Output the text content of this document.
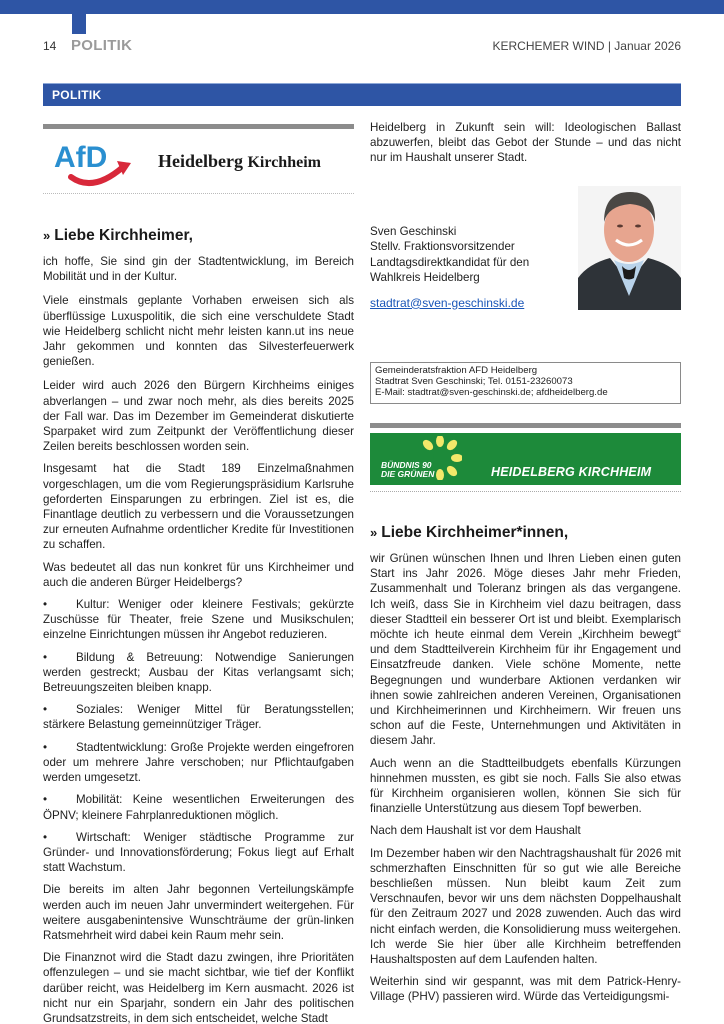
14 POLITIK	KERCHEMER WIND | Januar 2026
POLITIK
AfD	Heidelberg Kirchheim
» Liebe Kirchheimer,

ich hoffe, Sie sind gin der Stadtentwicklung, im Bereich Mobilität und in der Kultur.

Viele einstmals geplante Vorhaben erweisen sich als überflüssige Luxuspolitik, die sich eine verschuldete Stadt wie Heidelberg schlicht nicht mehr leisten kann.ut ins neue Jahr gekommen und konnten das Silvesterfeuerwerk genießen.

Leider wird auch 2026 den Bürgern Kirchheims einiges abverlangen – und zwar noch mehr, als dies bereits 2025 der Fall war. Das im Dezember im Gemeinderat diskutierte Sparpaket wird zum Zeitpunkt der Veröffentlichung dieser Zeilen bereits beschlossen worden sein.

Insgesamt hat die Stadt 189 Einzelmaßnahmen vorgeschlagen, um die vom Regierungspräsidium Karlsruhe geforderten Einsparungen zu erbringen. Ziel ist es, die Finantlage deutlich zu verbessern und die Voraussetzungen zur erneuten Aufnahme ordentlicher Kredite für Investitionen zu schaffen.

Was bedeutet all das nun konkret für uns Kirchheimer und auch die anderen Bürger Heidelbergs?

• Kultur: Weniger oder kleinere Festivals; gekürzte Zuschüsse für Theater, freie Szene und Musikschulen; einzelne Einrichtungen müssen ihr Angebot reduzieren.

• Bildung & Betreuung: Notwendige Sanierungen werden gestreckt; Ausbau der Kitas verlangsamt sich; Betreuungszeiten bleiben knapp.

• Soziales: Weniger Mittel für Beratungsstellen; stärkere Belastung gemeinnütziger Träger.

• Stadtentwicklung: Große Projekte werden eingefroren oder um mehrere Jahre verschoben; nur Pflichtaufgaben werden umgesetzt.

• Mobilität: Keine wesentlichen Erweiterungen des ÖPNV; kleinere Fahrplanreduktionen möglich.

• Wirtschaft: Weniger städtische Programme zur Gründer- und Innovationsförderung; Fokus liegt auf Erhalt statt Wachstum.

Die bereits im alten Jahr begonnen Verteilungskämpfe werden auch im neuen Jahr unvermindert weitergehen. Für weitere ausgabenintensive Wunschträume der grün-linken Ratsmehrheit wird dabei kein Raum mehr sein.

Die Finanznot wird die Stadt dazu zwingen, ihre Prioritäten offenzulegen – und sie macht sichtbar, wie tief der Konflikt darüber reicht, was Heidelberg im Kern ausmacht. 2026 ist nicht nur ein Sparjahr, sondern ein Jahr des politischen Grundsatzstreits, in dem sich entscheidet, welche Stadt

Heidelberg in Zukunft sein will: Ideologischen Ballast abzuwerfen, bleibt das Gebot der Stunde – und das nicht nur im Haushalt unserer Stadt.

Sven Geschinski
Stellv. Fraktionsvorsitzender
Landtagsdirektkandidat für den
Wahlkreis Heidelberg
stadtrat@sven-geschinski.de
Gemeinderatsfraktion AFD Heidelberg
Stadtrat Sven Geschinski; Tel. 0151-23260073
E-Mail: stadtrat@sven-geschinski.de; afdheidelberg.de
BÜNDNIS 90
DIE GRÜNEN	HEIDELBERG KIRCHHEIM
» Liebe Kirchheimer*innen,

wir Grünen wünschen Ihnen und Ihren Lieben einen guten Start ins Jahr 2026. Möge dieses Jahr mehr Frieden, Zusammenhalt und Toleranz bringen als das vergangene. Ich weiß, dass Sie in Kirchheim viel dazu beitragen, dass dieser Stadtteil ein besserer Ort ist und bleibt. Exemplarisch möchte ich heute einmal dem Verein „Kirchheim bewegt“ und dem Stadtteilverein Kirchheim für ihr Engagement und Einsatzfreude danken. Viele schöne Momente, nette Begegnungen und wunderbare Aktionen verdanken wir ihnen sowie zahlreichen anderen Vereinen, Organisationen und Kirchheimerinnen und Kirchheimern. Wir freuen uns schon auf die Feste, Unternehmungen und Aktivitäten in diesem Jahr.

Auch wenn an die Stadtteilbudgets ebenfalls Kürzungen hinnehmen mussten, es gibt sie noch. Falls Sie also etwas für Kirchheim organisieren wollen, können Sie sich für finanzielle Unterstützung aus diesem Topf bewerben.

Nach dem Haushalt ist vor dem Haushalt

Im Dezember haben wir den Nachtragshaushalt für 2026 mit schmerzhaften Einschnitten für so gut wie alle Bereiche beschließen müssen. Nun bleibt kaum Zeit zum Verschnaufen, bevor wir uns dem nächsten Doppelhaushalt für den Zeitraum 2027 und 2028 zuwenden. Auch das wird nicht einfach werden, die Konsolidierung muss weitergehen. Ich werde Sie hier über alle Kirchheim betreffenden Haushaltsposten auf dem Laufenden halten.

Weiterhin sind wir gespannt, was mit dem Patrick-Henry-Village (PHV) passieren wird. Würde das Verteidigungsmi-
